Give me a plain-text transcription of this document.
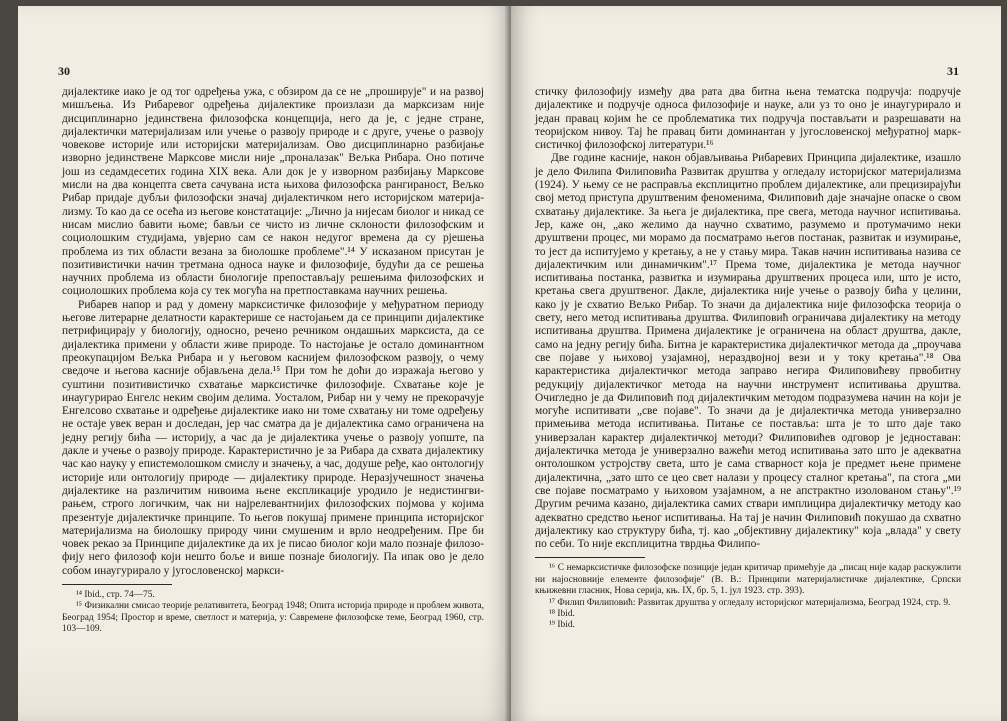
30

дијалектике иако је од тог одређења ужа, с обзиром да се не „проширује" и на развој мишљења. Из Рибаревог одређења дијалектике произлази да марксизам није дисциплинарно јединствена филозофска концепција, него да је, с једне стране, дијалектички материјализам или учење о развоју природе и с друге, учење о развоју човекове историје или историјски материјализам. Ово дисциплинарно разбијање изворно јединствене Марксове мисли није „проналазак" Вељка Рибара. Оно потиче још из седамдесетих година XIX века. Али док је у изворном разбијању Марксове мисли на два концепта света сачувана иста њихова филозофска рангираност, Вељко Рибар придаје дубљи филозофски значај дијалектичком него историјском материјализму. То као да се осећа из његове констатације: „Лично ја нијесам биолог и никад се нисам мислио бавити њоме; бављи се чисто из личне склоности филозофским и социолошким студијама, увјерио сам се након недугог времена да су рјешења проблема из тих области везана за биолошке проблеме".¹⁴ У исказаном присутан је позитивистички начин третмана односа науке и филозофије, будући да се решења научних проблема из области биологије препостављају решењима филозофских и социолошких проблема која су тек могућа на претпоставкама научних решења.

Рибарев напор и рад у домену марксистичке филозофије у међуратном периоду његове литерарне делатности карактерише се настојањем да се принципи дијалектике петрифицирају у биологију, односно, речено речником ондашњих марксиста, да се дијалектика примени у области живе природе. То настојање је остало доминантном преокупацијом Вељка Рибара и у његовом каснијем филозофском развоју, о чему сведоче и његова касније објављена дела.¹⁵ При том he доћи до изражаја његово у суштини позитивистичко схватање марксистичке филозофије. Схватање које је инаугурирао Енгелс неким својим делима. Уосталом, Рибар ни у чему не прекорачује Енгелсово схватање и одређење дијалектике иако ни томе схватању ни томе одређењу не остаје увек веран и доследан, јер час сматра да је дијалектика само ограничена на једну регију бића — историју, а час да је дијалектика учење о развоју уопште, па дакле и учење о развоју природе. Карактеристично је за Рибара да схвата дијaлектику час као науку у епистемолошком смислу и значењу, а час, додуше ређе, као онтологију историје или онтологију природе — дијалектику природе. Неразјучешност значења дијалектике на различитим нивоима њене експликације уродило је недистингвирањем, строго логичким, чак ни најрелевантнијих филозофских појмова у којима презентује дијалектичке принципе. То његов покушај примене принципа историјског материјализма на биолошку природу чини смушеним и врло неодређеним. Пре би човек рекао за Принципе дијалектике да их је писао биолог који мало познаје филозофију него филозоф који нешто боље и више познаје биологију. Па ипак ово је дело собом инаугурирало у југословенској маркси-

¹⁴ Ibid., стр. 74—75.

¹⁵ Физикални смисао теорије релативитета, Београд 1948; Опита историја природе и проблем живота, Београд 1954; Простор и време, светлост и материја, у: Савремене филозофске теме, Београд 1960, стр. 103—109.

31

стичку филозофију између два рата два битна њена тематска подручја: подручје дијалектике и подручје односа филозофије и науке, али уз то оно је инаугурирало и један правац којим he се проблематика тих подручја постављати и разрешавати на теоријском нивоу. Тај he правац бити доминантан у југословенској међуратној марксистичкој филозофској литератури.¹⁶

Две године касније, након објављивања Рибаревих Принципа дијалектике, изашло је дело Филипа Филиповића Развитак друштва у огледалу историјског материјализма (1924). У њему се не расправља експлицитно проблем дијалектике, али прецизирајући свој метод приступа друштвеним феноменима, Филиповић даје значајне опаске о свом схватању дијалектике. За њега је дијалектика, пре свега, метода научног испитивања. Јер, каже он, „ако желимо да научно схватимо, разумемо и протумачимо неки друштвени процес, ми морамо да посматрамо његов постанак, развитак и изумирање, то јест да испитујемо у кретању, а не у стању мира. Такав начин испитивања назива се дијалектичким или динамичким".¹⁷ Према томе, дијалектика је метода научног испитивања постанка, развитка и изумирања друштвених процеса или, што је исто, кретања свега друштвеног. Дакле, дијалектика није учење о развоју бића у целини, како ју је схватио Вељко Рибар. То значи да дијалектика није филозофска теорија о свету, него метод испитивања друштва. Филиповић ограничава дијалектику на методу испитивања друштва. Примена дијалектике је ограничена на област друштва, дакле, само на једну регију бића. Битна је карактеристика дијалектичког метода да „проучава све појаве у њиховој узајамној, нераздвојној вези и у току кретања".¹⁸ Ова карактеристика дијалектичког метода заправо негира Филиповићеву првобитну редукцију дијалектичког метода на научни инструмент испитивања друштва. Очигледно је да Филиповић под дијалектичким методом подразумева начин на који је могуће испитивати „све појаве". То значи да је дијалектичка метода универзално примењива метода испитивања. Питање се поставља: шта је то што даје тако универзалан карактер дијалектичкој методи? Филиповићев одговор је једноставан: дијалектичка метода је универзално важећи метод испитивања зато што је адекватна онтолошком устројству света, што је сама стварност која је предмет њене примене дијалектична, „зато што се цео свет налази у процесу сталног кретања", па стога „ми све појаве посматрамо у њиховом узајамном, а не апстрактно изолованом стању".¹⁹ Другим речима казано, дијалектика самих ствари имплицира дијалектичку методу као адекватно средство њеног испитивања. На тај је начин Филиповић покушао да схватно дијалектику као структуру бића, тј. као „објективну дијалектику" која „влада" у свету по себи. То није експлицитна тврдња Филипо-

¹⁶ С немарксистичке филозофске позиције један критичар примећује да „писац није кадар раскужлити ни најосновније елементе филозофије" (В. В.: Принципи материјалистичке дијалектике, Српски књижевни гласник, Нова серија, књ. IX, бр. 5, 1. јул 1923. стр. 393).

¹⁷ Филип Филиповић: Развитак друштва у огледалу историјског материјализма, Београд 1924, стр. 9.

¹⁸ Ibid.

¹⁹ Ibid.
